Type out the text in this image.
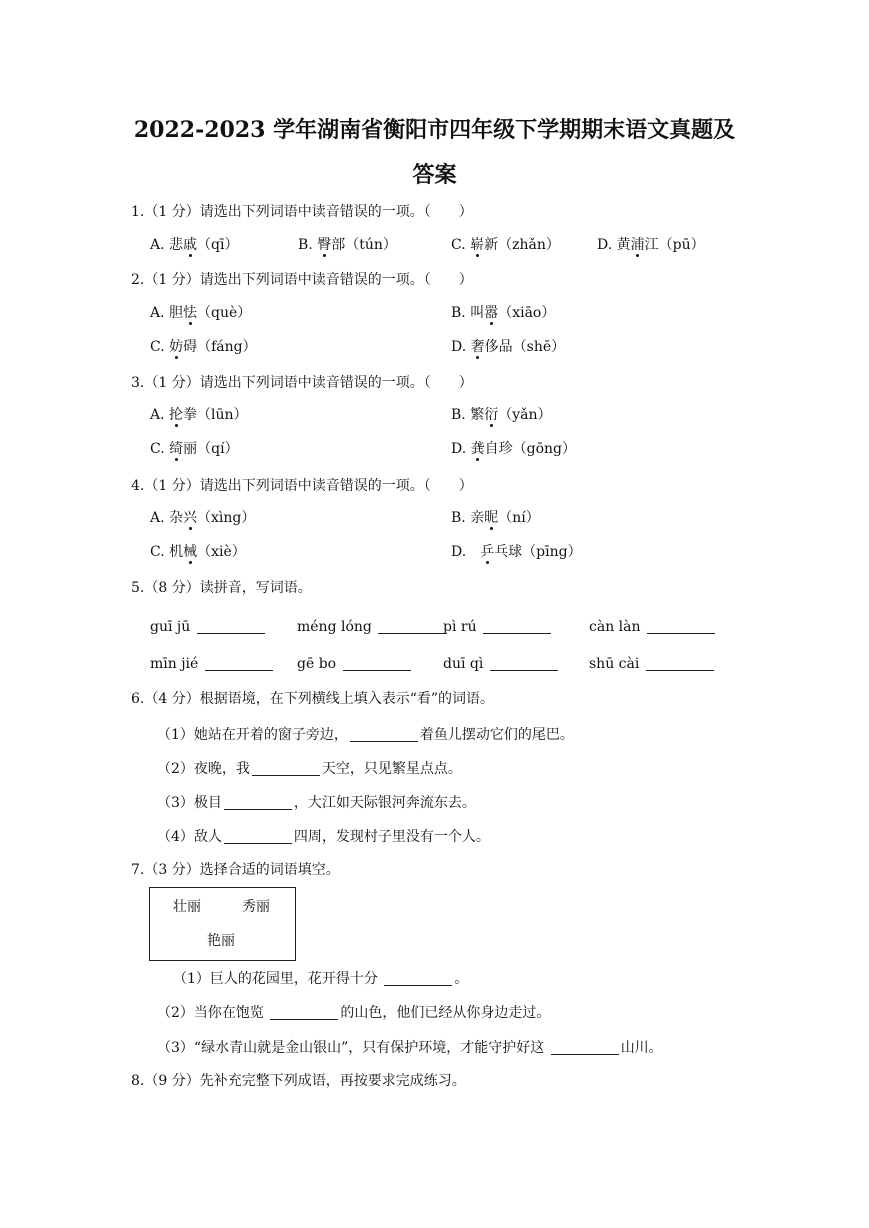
2022-2023 学年湖南省衡阳市四年级下学期期末语文真题及
答案
1.（1 分）请选出下列词语中读音错误的一项。（　　）
A. 悲戚（qī）	B. 臀部（tún）	C. 崭新（zhǎn）	D. 黄浦江（pū）
2.（1 分）请选出下列词语中读音错误的一项。（　　）
A. 胆怯（què）	B. 叫嚣（xiāo）
C. 妨碍（fáng）	D. 奢侈品（shē）
3.（1 分）请选出下列词语中读音错误的一项。（　　）
A. 抡拳（lūn）	B. 繁衍（yǎn）
C. 绮丽（qí）	D. 龚自珍（gōng）
4.（1 分）请选出下列词语中读音错误的一项。（　　）
A. 杂兴（xìng）	B. 亲昵（ní）
C. 机械（xiè）	D.　乒乓球（pīng）
5.（8 分）读拼音，写词语。
guī jū	méng lóng	pì rú	càn làn
mīn jié	gē bo	duī qì	shū cài
6.（4 分）根据语境，在下列横线上填入表示“看”的词语。
（1）她站在开着的窗子旁边，	着鱼儿摆动它们的尾巴。
（2）夜晚，我	天空，只见繁星点点。
（3）极目	，大江如天际银河奔流东去。
（4）敌人	四周，发现村子里没有一个人。
7.（3 分）选择合适的词语填空。
壮丽	秀丽
艳丽
（1）巨人的花园里，花开得十分	。
（2）当你在饱览	的山色，他们已经从你身边走过。
（3）“绿水青山就是金山银山”，只有保护环境，才能守护好这	山川。
8.（9 分）先补充完整下列成语，再按要求完成练习。
